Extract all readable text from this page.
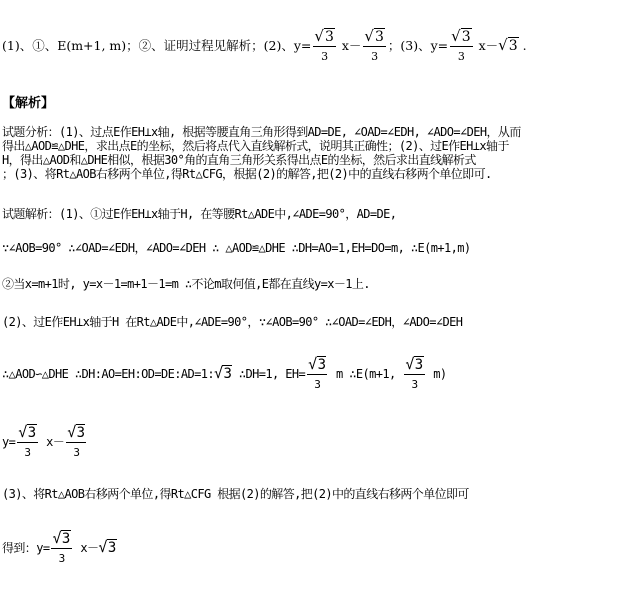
(1)、①、E(m+1, m)；②、证明过程见解析；(2)、$y= \frac{√3}{3} x- \frac{√3}{3}$ ；(3)、$y= \frac{√3}{3} x-√3$ .
【解析】
试题分析：(1)、过点E作EH⊥x轴, 根据等腰直角三角形得到AD=DE, ∠OAD=∠EDH, ∠ADO=∠DEH，从而
得出△AOD≌△DHE，求出点E的坐标，然后将点代入直线解析式，说明其正确性；(2)、过E作EH⊥x轴于
H，得出△AOD和△DHE相似，根据30°角的直角三角形关系得出点E的坐标，然后求出直线解析式
；(3)、将Rt△AOB右移两个单位,得Rt△CFG，根据(2)的解答,把(2)中的直线右移两个单位即可.
试题解析：(1)、①过E作EH⊥x轴于H, 在等腰Rt△ADE中,∠ADE=90°，AD=DE,
∵∠AOB=90° ∴∠OAD=∠EDH，∠ADO=∠DEH ∴ △AOD≌△DHE ∴DH=AO=1,EH=DO=m, ∴E(m+1,m)
②当x=m+1时, y=x－1=m+1－1=m ∴不论m取何值,E都在直线y=x－1上.
(2)、过E作EH⊥x轴于H 在Rt△ADE中,∠ADE=90°，∵∠AOB=90° ∴∠OAD=∠EDH，∠ADO=∠DEH
∴△AOD∽△DHE ∴DH:AO=EH:OD=DE:AD=1:√3 ∴DH=1, $EH= \frac{√3}{3}$ m ∴E(m+1, $\frac{√3}{3} m$)
$y= \frac{√3}{3} x- \frac{√3}{3}$
(3)、将Rt△AOB右移两个单位,得Rt△CFG 根据(2)的解答,把(2)中的直线右移两个单位即可
得到：$y= \frac{√3}{3} x-√3$
